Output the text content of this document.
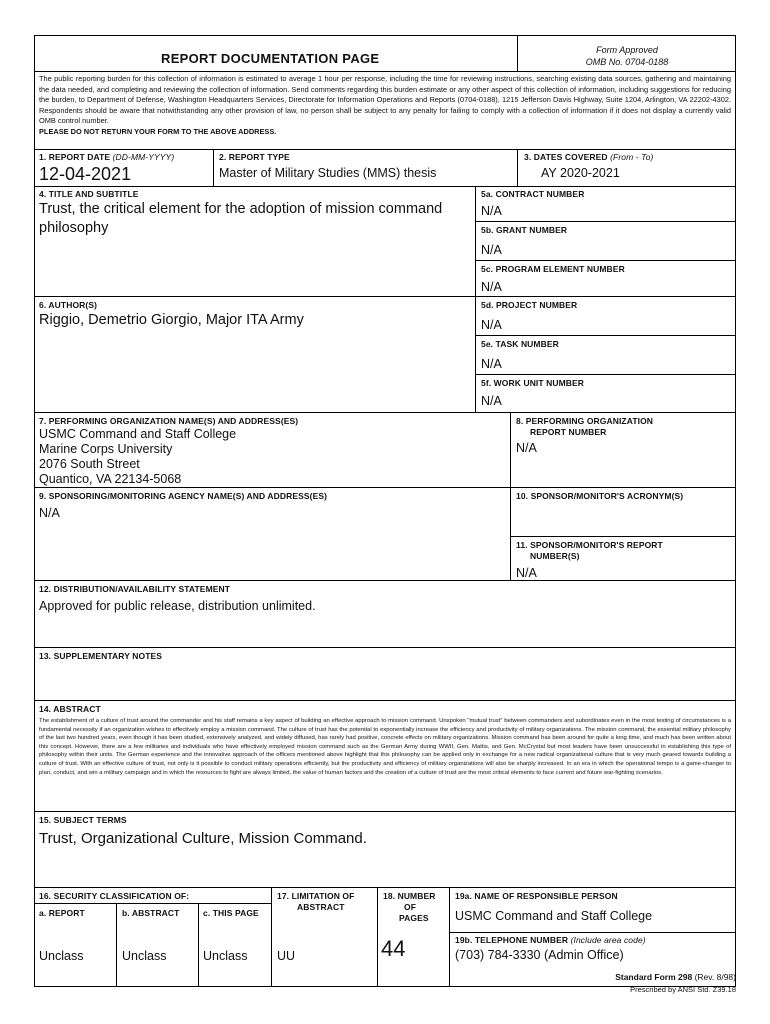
REPORT DOCUMENTATION PAGE
Form Approved
OMB No. 0704-0188
The public reporting burden for this collection of information is estimated to average 1 hour per response, including the time for reviewing instructions, searching existing data sources, gathering and maintaining the data needed, and completing and reviewing the collection of information. Send comments regarding this burden estimate or any other aspect of this collection of information, including suggestions for reducing the burden, to Department of Defense, Washington Headquarters Services, Directorate for Information Operations and Reports (0704-0188), 1215 Jefferson Davis Highway, Suite 1204, Arlington, VA 22202-4302. Respondents should be aware that notwithstanding any other provision of law, no person shall be subject to any penalty for failing to comply with a collection of information if it does not display a currently valid OMB control number.
PLEASE DO NOT RETURN YOUR FORM TO THE ABOVE ADDRESS.
1. REPORT DATE (DD-MM-YYYY)
12-04-2021
2. REPORT TYPE
Master of Military Studies (MMS) thesis
3. DATES COVERED (From - To)
AY 2020-2021
4. TITLE AND SUBTITLE
Trust, the critical element for the adoption of mission command philosophy
5a. CONTRACT NUMBER
N/A
5b. GRANT NUMBER
N/A
5c. PROGRAM ELEMENT NUMBER
N/A
6. AUTHOR(S)
Riggio, Demetrio Giorgio, Major ITA Army
5d. PROJECT NUMBER
N/A
5e. TASK NUMBER
N/A
5f. WORK UNIT NUMBER
N/A
7. PERFORMING ORGANIZATION NAME(S) AND ADDRESS(ES)
USMC Command and Staff College
Marine Corps University
2076 South Street
Quantico, VA 22134-5068
8. PERFORMING ORGANIZATION
REPORT NUMBER
N/A
9. SPONSORING/MONITORING AGENCY NAME(S) AND ADDRESS(ES)
N/A
10. SPONSOR/MONITOR'S ACRONYM(S)
11. SPONSOR/MONITOR'S REPORT
NUMBER(S)
N/A
12. DISTRIBUTION/AVAILABILITY STATEMENT
Approved for public release, distribution unlimited.
13. SUPPLEMENTARY NOTES
14. ABSTRACT
The establishment of a culture of trust around the commander and his staff remains a key aspect of building an effective approach to mission command. Unspoken "mutual trust" between commanders and subordinates even in the most testing of circumstances is a fundamental necessity if an organization wishes to effectively employ a mission command. The culture of trust has the potential to exponentially increase the efficiency and productivity of military organizations. The mission command, the essential military philosophy of the last two hundred years, even though it has been studied, extensively analyzed, and widely diffused, has rarely had positive, concrete effects on military organizations. Mission command has been around for quite a long time, and much has been written about this concept. However, there are a few militaries and individuals who have effectively employed mission command such as the German Army during WWII, Gen. Mattis, and Gen. McCrystal but most leaders have been unsuccessful in establishing this type of philosophy within their units. The German experience and the innovative approach of the officers mentioned above highlight that this philosophy can be applied only in exchange for a new radical organizational culture that is very much geared towards building a culture of trust. With an effective culture of trust, not only is it possible to conduct military operations efficiently, but the productivity and efficiency of military organizations will also be sharply increased. In an era in which the operational tempo is a game-changer to plan, conduct, and win a military campaign and in which the resources to fight are always limited, the value of human factors and the creation of a culture of trust are the most critical elements to face current and future war-fighting scenarios.
15. SUBJECT TERMS
Trust, Organizational Culture, Mission Command.
16. SECURITY CLASSIFICATION OF:
a. REPORT	b. ABSTRACT	c. THIS PAGE
Unclass	Unclass	Unclass
17. LIMITATION OF
ABSTRACT
UU
18. NUMBER
OF
PAGES
44
19a. NAME OF RESPONSIBLE PERSON
USMC Command and Staff College
19b. TELEPHONE NUMBER (Include area code)
(703) 784-3330 (Admin Office)
Standard Form 298 (Rev. 8/98)
Prescribed by ANSI Std. Z39.18
